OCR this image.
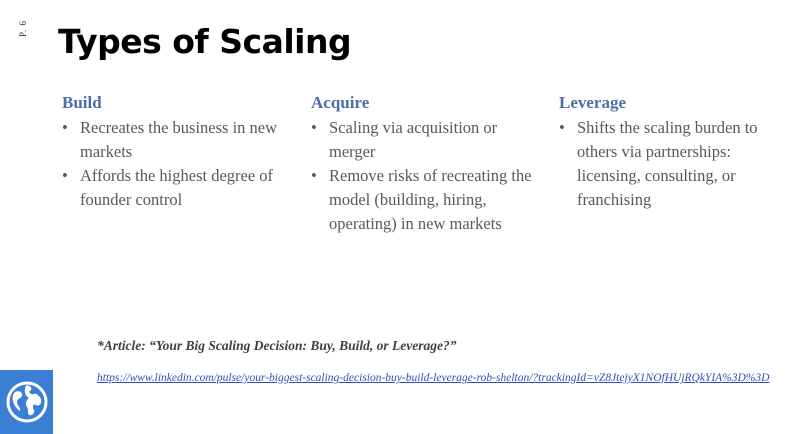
P. 6 Types of Scaling
Build
• Recreates the business in new markets
• Affords the highest degree of founder control
Acquire
• Scaling via acquisition or merger
• Remove risks of recreating the model (building, hiring, operating) in new markets
Leverage
• Shifts the scaling burden to others via partnerships: licensing, consulting, or franchising
*Article: “Your Big Scaling Decision: Buy, Build, or Leverage?”
https://www.linkedin.com/pulse/your-biggest-scaling-decision-buy-build-leverage-rob-shelton/?trackingId=vZ8JtejyX1NOfHUjRQkYIA%3D%3D
